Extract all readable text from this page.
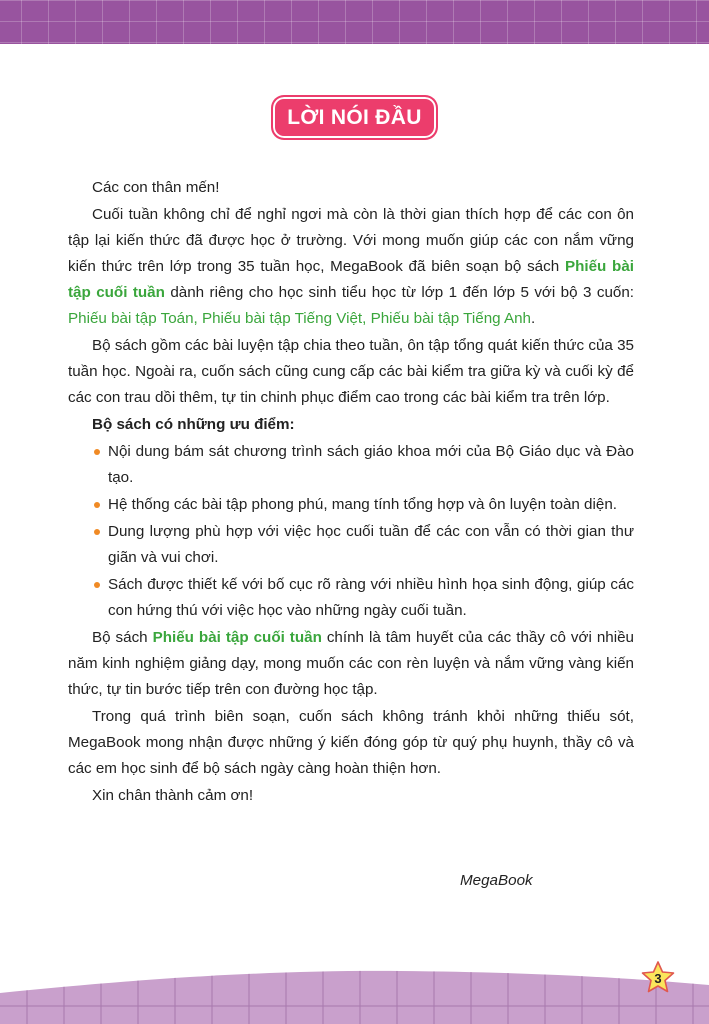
LỜI NÓI ĐẦU

Các con thân mến!

Cuối tuần không chỉ để nghỉ ngơi mà còn là thời gian thích hợp để các con ôn tập lại kiến thức đã được học ở trường. Với mong muốn giúp các con nắm vững kiến thức trên lớp trong 35 tuần học, MegaBook đã biên soạn bộ sách Phiếu bài tập cuối tuần dành riêng cho học sinh tiểu học từ lớp 1 đến lớp 5 với bộ 3 cuốn: Phiếu bài tập Toán, Phiếu bài tập Tiếng Việt, Phiếu bài tập Tiếng Anh.

Bộ sách gồm các bài luyện tập chia theo tuần, ôn tập tổng quát kiến thức của 35 tuần học. Ngoài ra, cuốn sách cũng cung cấp các bài kiểm tra giữa kỳ và cuối kỳ để các con trau dồi thêm, tự tin chinh phục điểm cao trong các bài kiểm tra trên lớp.

Bộ sách có những ưu điểm:

Nội dung bám sát chương trình sách giáo khoa mới của Bộ Giáo dục và Đào tạo.
Hệ thống các bài tập phong phú, mang tính tổng hợp và ôn luyện toàn diện.
Dung lượng phù hợp với việc học cuối tuần để các con vẫn có thời gian thư giãn và vui chơi.
Sách được thiết kế với bố cục rõ ràng với nhiều hình họa sinh động, giúp các con hứng thú với việc học vào những ngày cuối tuần.

Bộ sách Phiếu bài tập cuối tuần chính là tâm huyết của các thầy cô với nhiều năm kinh nghiệm giảng dạy, mong muốn các con rèn luyện và nắm vững vàng kiến thức, tự tin bước tiếp trên con đường học tập.

Trong quá trình biên soạn, cuốn sách không tránh khỏi những thiếu sót, MegaBook mong nhận được những ý kiến đóng góp từ quý phụ huynh, thầy cô và các em học sinh để bộ sách ngày càng hoàn thiện hơn.

Xin chân thành cảm ơn!

MegaBook
3
